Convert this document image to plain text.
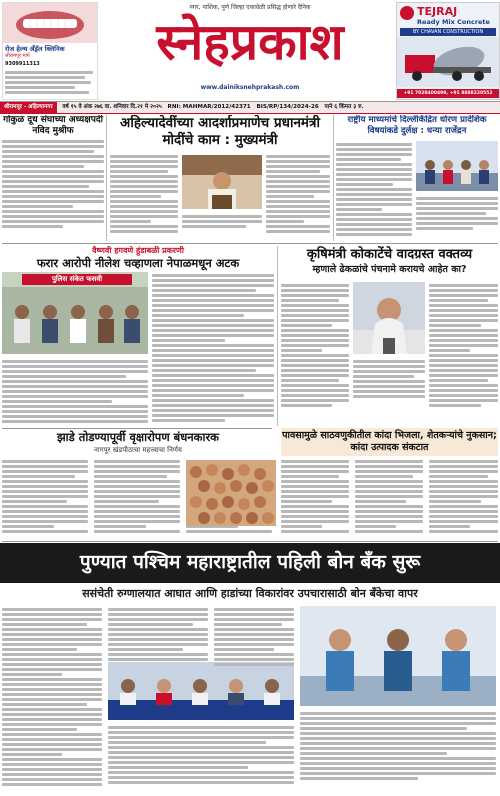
रोज हेल्थ अँड्रॅल क्लिनिक
श्रीरामपूर मार्ग
9309911313
नगर, नाशिक, पुणे जिल्हा एकावेळी प्रसिद्ध होणारे दैनिक
स्नेहप्रकाश
www.dainiksnehprakash.com
TEJRAJ
Ready Mix Concrete
BY CHAVAN CONSTRUCTION
+91 7028400499, +91 8888220552
श्रीरामपूर - अहिल्यानगर वर्ष १५ वे अंक २७६ वा. शनिवार दि.२१ मे २०२५ RNI: MAHMAR/2012/42371 BIS/RP/134/2024-26 पाने ६ किंमत ३ रु.
गोकुळ दूध संघाच्या अध्यक्षपदी नविद मुश्रीफ	अहिल्यादेवींच्या आदर्शाप्रमाणेच प्रधानमंत्री मोदींचे काम : मुख्यमंत्री
राष्ट्रीय माध्यमांचे दिल्लीकेंद्रित धोरण प्रादेशिक विषयांकडे दुर्लक्ष : धन्या राजेंद्रन
वैष्णवी हगवणे हुंडाबळी प्रकरणी
फरार आरोपी नीलेश चव्हाणला नेपाळमधून अटक
पुलिस संकेत फसवी
कृषिमंत्री कोकाटेंचे वादग्रस्त वक्तव्य
म्हणाले ढेकळांचे पंचनामे करायचे आहेत का?
झाडे तोडण्यापूर्वी वृक्षारोपण बंधनकारक
नागपूर खंडपीठाचा महत्त्वाचा निर्णय
पावसामुळे साठवणुकीतील कांदा भिजला, शेतकऱ्यांचे नुकसान; कांदा उत्पादक संकटात
पुण्यात पश्चिम महाराष्ट्रातील पहिली बोन बँक सुरू
ससंचेती रुग्णालयात आघात आणि हाडांच्या विकारांवर उपचारासाठी बोन बँकेचा वापर
